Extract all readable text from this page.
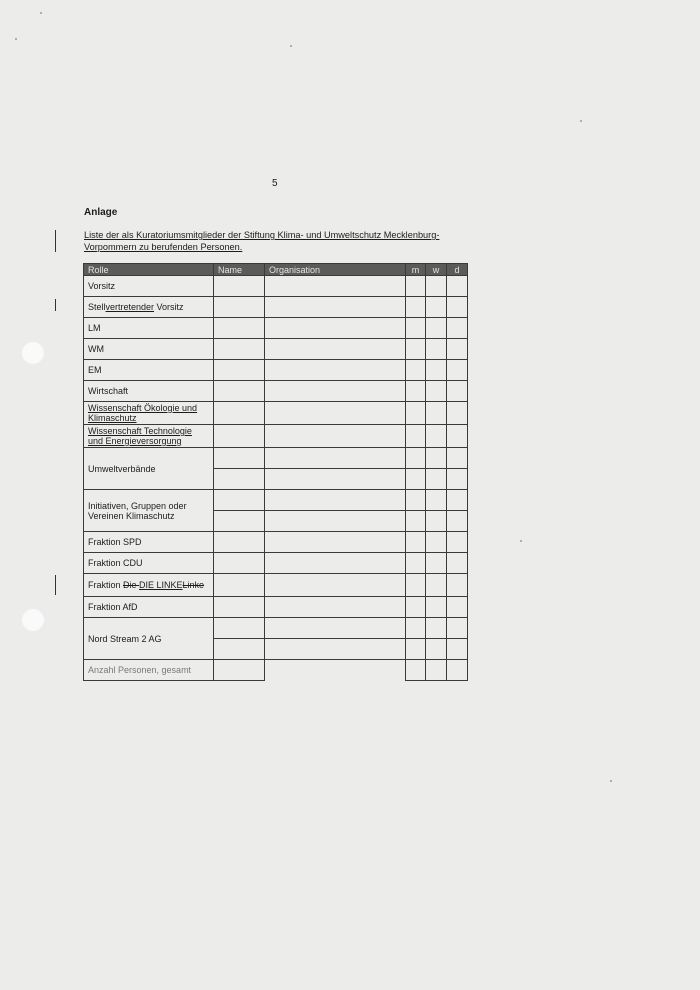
5
Anlage
Liste der als Kuratoriumsmitglieder der Stiftung Klima- und Umweltschutz Mecklenburg-Vorpommern zu berufenden Personen.
Rolle	Name	Organisation	m	w	d
Vorsitz					
Stellvertretender Vorsitz					
LM					
WM					
EM					
Wirtschaft					
Wissenschaft Ökologie und Klimaschutz					
Wissenschaft Technologie und Energieversorgung					
Umweltverbände					

Initiativen, Gruppen oder Vereinen Klimaschutz					

Fraktion SPD					
Fraktion CDU					
Fraktion Die DIE LINKELinke					
Fraktion AfD					
Nord Stream 2 AG					

Anzahl Personen, gesamt					
